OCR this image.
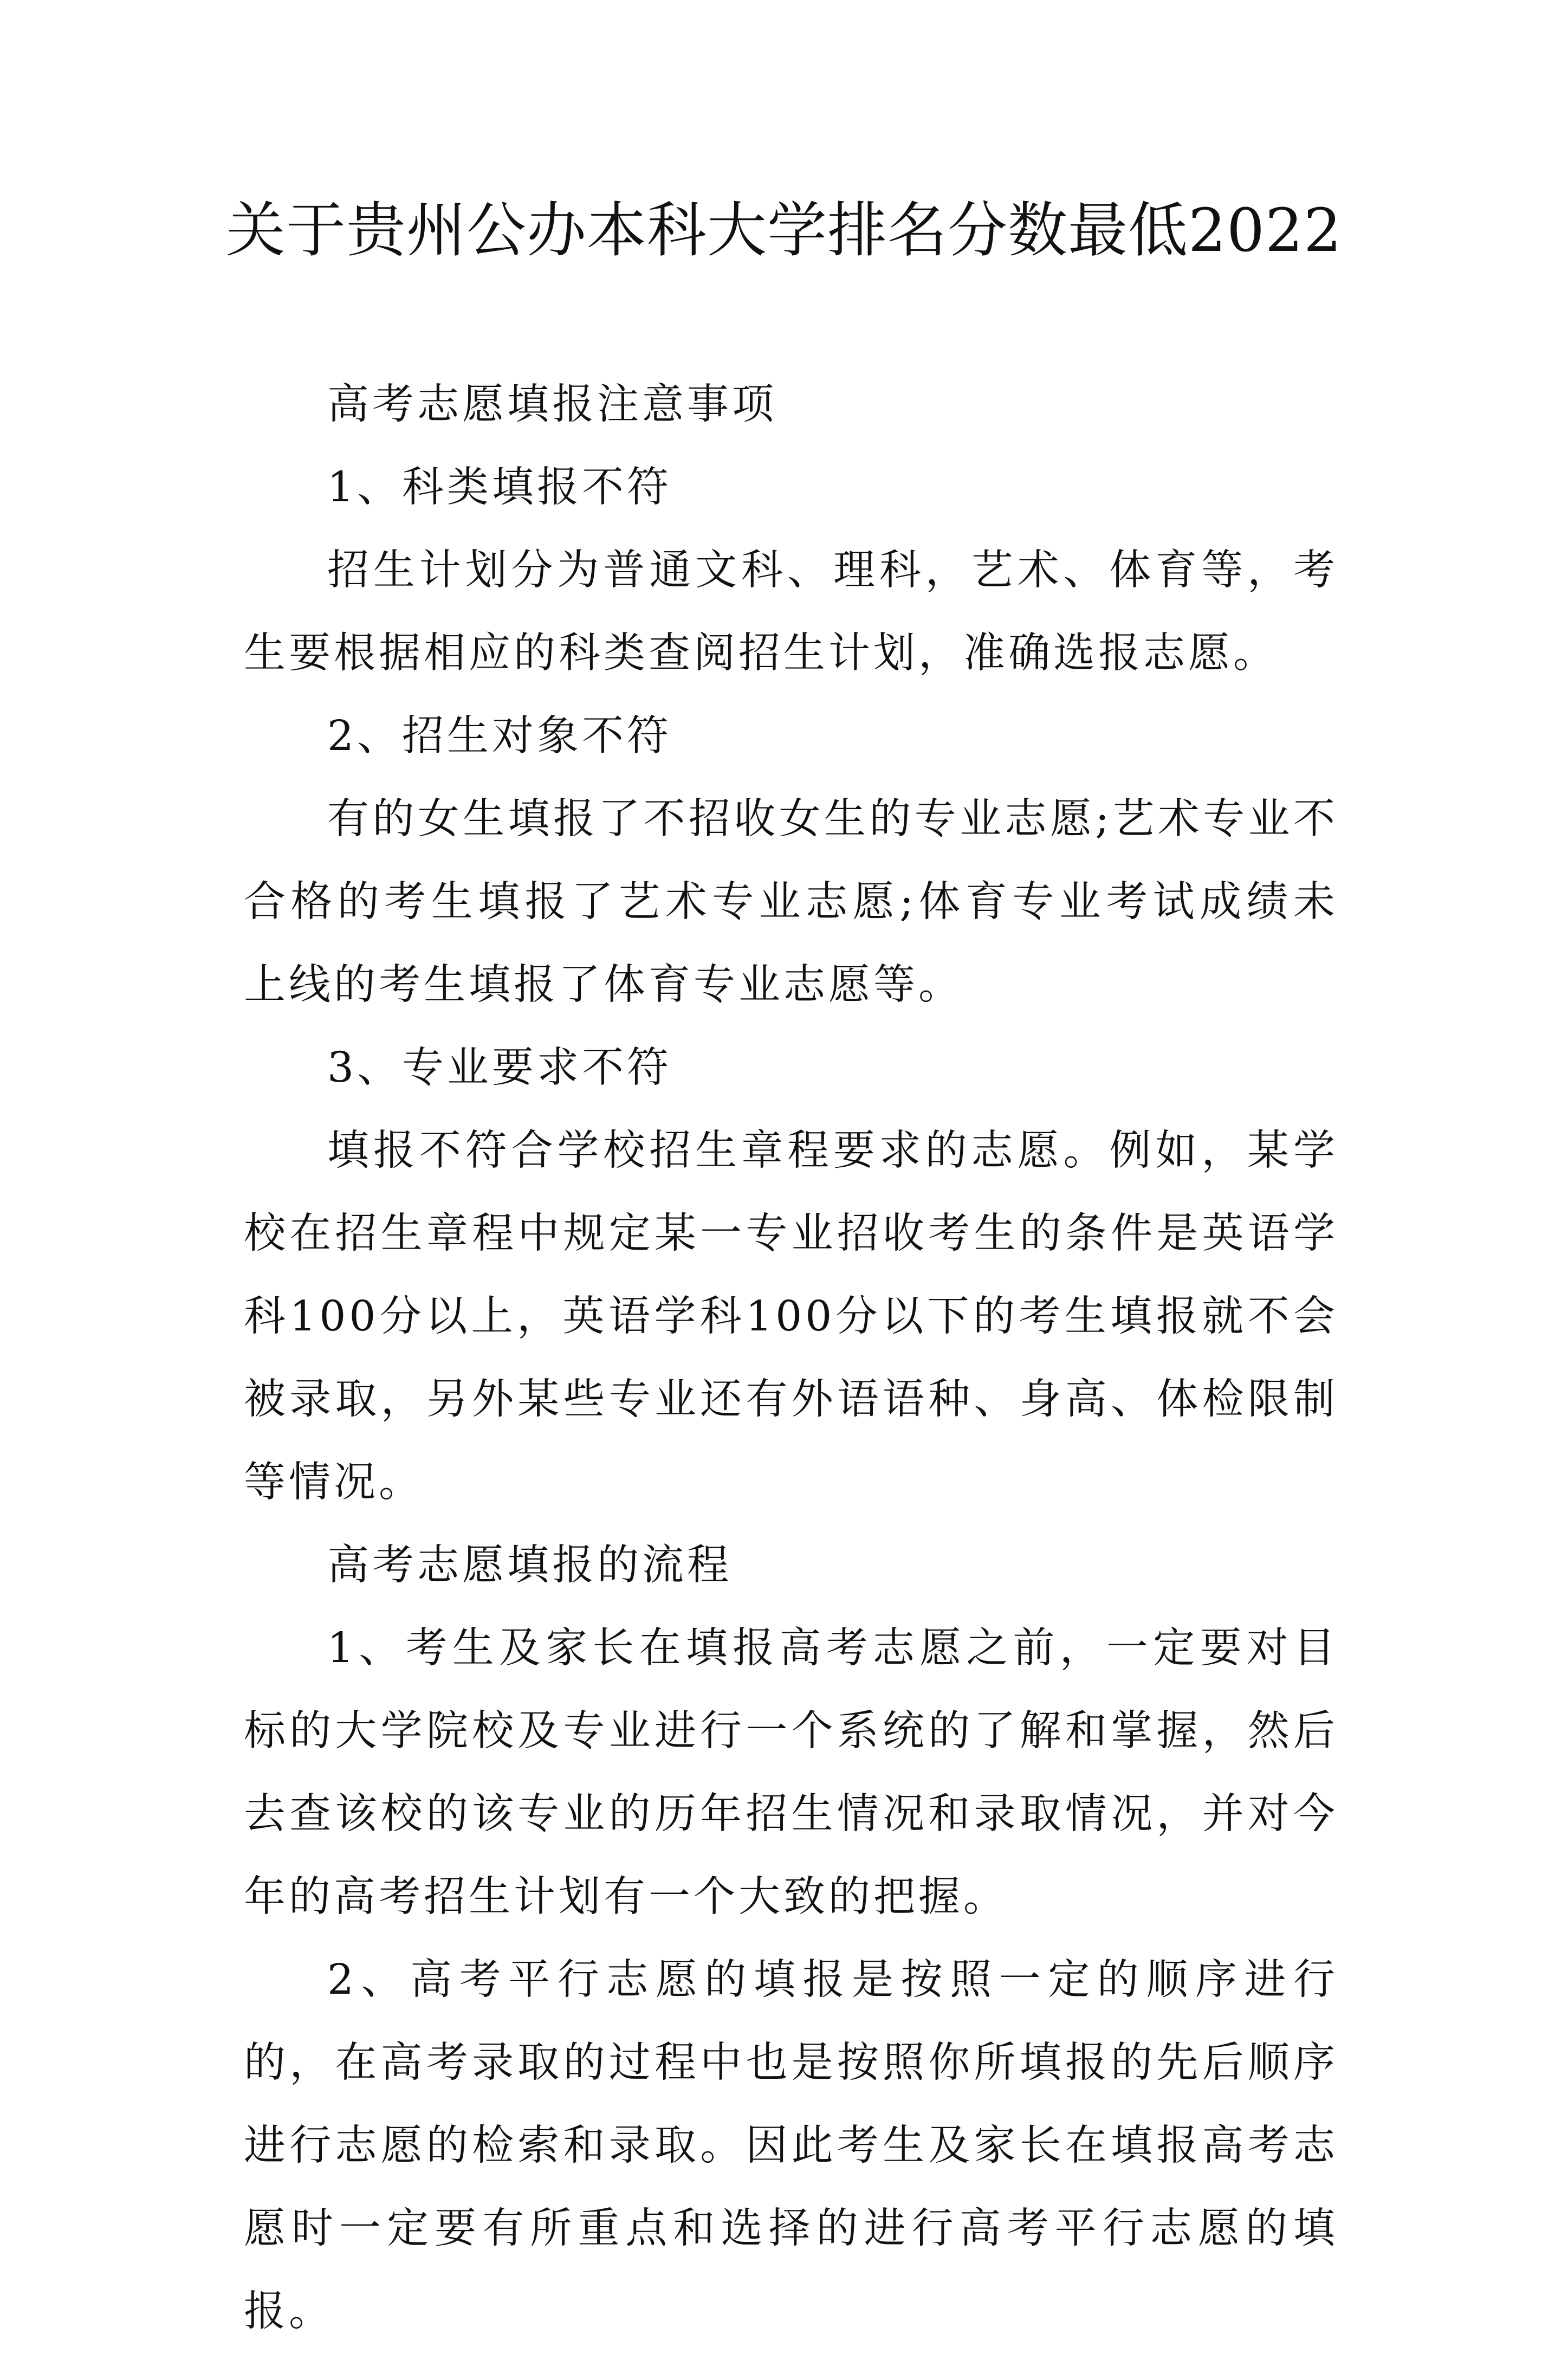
关于贵州公办本科大学排名分数最低2022

高考志愿填报注意事项

1、科类填报不符

招生计划分为普通文科、理科，艺术、体育等，考生要根据相应的科类查阅招生计划，准确选报志愿。

2、招生对象不符

有的女生填报了不招收女生的专业志愿;艺术专业不合格的考生填报了艺术专业志愿;体育专业考试成绩未上线的考生填报了体育专业志愿等。

3、专业要求不符

填报不符合学校招生章程要求的志愿。例如，某学校在招生章程中规定某一专业招收考生的条件是英语学科100分以上，英语学科100分以下的考生填报就不会被录取，另外某些专业还有外语语种、身高、体检限制等情况。

高考志愿填报的流程

1、考生及家长在填报高考志愿之前，一定要对目标的大学院校及专业进行一个系统的了解和掌握，然后去查该校的该专业的历年招生情况和录取情况，并对今年的高考招生计划有一个大致的把握。

2、高考平行志愿的填报是按照一定的顺序进行的，在高考录取的过程中也是按照你所填报的先后顺序进行志愿的检索和录取。因此考生及家长在填报高考志愿时一定要有所重点和选择的进行高考平行志愿的填报。
